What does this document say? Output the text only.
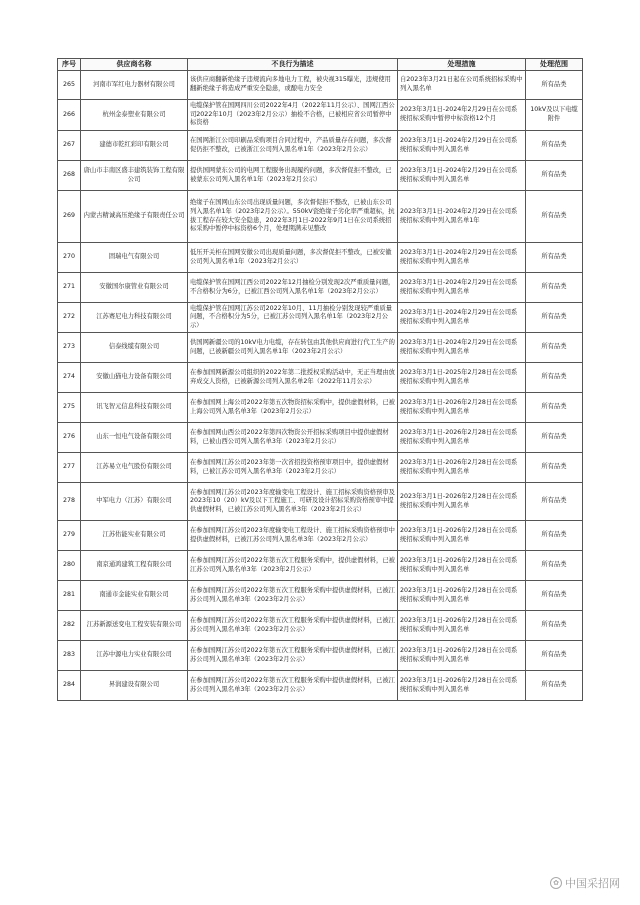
序号	供应商名称	不良行为描述	处理措施	处理范围
265	河南市军红电力器材有限公司	该供应商翻新绝缘子违规流向多地电力工程，被央视315曝光，违规使用翻新绝缘子将造成严重安全隐患，或酿电力安全	自2023年3月21日起在公司系统招标采购中列入黑名单	所有品类
266	杭州金泰塑业有限公司	电缆保护管在国网四川公司2022年4月（2022年11月公示）、国网江西公司2022年10月（2023年2月公示）抽检不合格，已被相应省公司暂停中标资格	2023年3月1日-2024年2月29日在公司系统招标采购中暂停中标资格12个月	10kV及以下电缆附件
267	建德市乾红彩印有限公司	在国网浙江公司印刷品采购项目合同过程中，产品质量存在问题，多次督促仍拒不整改，已被浙江公司列入黑名单1年（2023年2月公示）	2023年3月1日-2024年2月29日在公司系统招标采购中列入黑名单	所有品类
268	唐山市丰南区盛丰建筑装饰工程有限公司	提供国网蒙东公司的电网工程服务出现履约问题，多次督促拒不整改，已被蒙东公司列入黑名单1年（2023年2月公示）	2023年3月1日-2024年2月29日在公司系统招标采购中列入黑名单	所有品类
269	内蒙古精诚高压绝缘子有限责任公司	绝缘子在国网山东公司出现质量问题，多次督促拒不整改，已被山东公司列入黑名单1年（2023年2月公示）。550kV瓷绝缘子劣化率严重超标，抗拔工程存在较大安全隐患，2022年3月1日-2022年9月1日在公司系统招标采购中暂停中标资格6个月，处理期满未见整改	2023年3月1日-2024年2月29日在公司系统招标采购中列入黑名单1年	所有品类
270	固瑞电气有限公司	低压开关柜在国网安徽公司出现质量问题，多次督促拒不整改，已被安徽公司列入黑名单1年（2023年2月公示）	2023年3月1日-2024年2月29日在公司系统招标采购中列入黑名单	所有品类
271	安徽国尔康管业有限公司	电缆保护管在国网江西公司2022年12月抽检分别发现2次严重质量问题，不合格积分为6分，已被江西公司列入黑名单1年（2023年2月公示）	2023年3月1日-2024年2月29日在公司系统招标采购中列入黑名单	所有品类
272	江苏赛尼电力科技有限公司	电缆保护管在国网江苏公司2022年10月、11月抽检分别发现较严重质量问题，不合格积分为5分，已被江苏公司列入黑名单1年（2023年2月公示）	2023年3月1日-2024年2月29日在公司系统招标采购中列入黑名单	所有品类
273	信泰线缆有限公司	供国网新疆公司的10kV电力电缆，存在转包由其他供应商进行代工生产的问题，已被新疆公司列入黑名单1年（2023年2月公示）	2023年3月1日-2024年2月29日在公司系统招标采购中列入黑名单	所有品类
274	安徽山猫电力设备有限公司	在参加国网新源公司组织的2022年第二批授权采购活动中，无正当理由放弃成交人资格，已被新源公司列入黑名单2年（2022年11月公示）	2023年3月1日-2025年2月28日在公司系统招标采购中列入黑名单	所有品类
275	讯飞智元信息科技有限公司	在参加国网上海公司2022年第五次物资招标采购中，提供虚假材料，已被上海公司列入黑名单3年（2023年2月公示）	2023年3月1日-2026年2月28日在公司系统招标采购中列入黑名单	所有品类
276	山东一恒电气设备有限公司	在参加国网山西公司2022年第四次物资公开招标采购项目中提供虚假材料，已被山西公司列入黑名单3年（2023年2月公示）	2023年3月1日-2026年2月28日在公司系统招标采购中列入黑名单	所有品类
277	江苏易立电气股份有限公司	在参加国网江苏公司2023年第一次省招投资格预审项目中，提供虚假材料，已被江苏公司列入黑名单3年（2023年2月公示）	2023年3月1日-2026年2月28日在公司系统招标采购中列入黑名单	所有品类
278	中军电力（江苏）有限公司	在参加国网江苏公司2023年度输变电工程设计、施工招标采购资格预审及2023年10（20）kV及以下工程施工、可研及设计招标采购资格预审中提供虚假材料，已被江苏公司列入黑名单3年（2023年2月公示）	2023年3月1日-2026年2月28日在公司系统招标采购中列入黑名单	所有品类
279	江苏佑能实业有限公司	在参加国网江苏公司2023年度输变电工程设计、施工招标采购资格预审中提供虚假材料，已被江苏公司列入黑名单3年（2023年2月公示）	2023年3月1日-2026年2月28日在公司系统招标采购中列入黑名单	所有品类
280	南京通鸿建筑工程有限公司	在参加国网江苏公司2022年第五次工程服务采购中，提供虚假材料，已被江苏公司列入黑名单3年（2023年2月公示）	2023年3月1日-2026年2月28日在公司系统招标采购中列入黑名单	所有品类
281	南通市金能实业有限公司	在参加国网江苏公司2022年第五次工程服务采购中提供虚假材料，已被江苏公司列入黑名单3年（2023年2月公示）	2023年3月1日-2026年2月28日在公司系统招标采购中列入黑名单	所有品类
282	江苏新源送变电工程安装有限公司	在参加国网江苏公司2022年第五次工程服务采购中提供虚假材料，已被江苏公司列入黑名单3年（2023年2月公示）	2023年3月1日-2026年2月28日在公司系统招标采购中列入黑名单	所有品类
283	江苏中源电力实业有限公司	在参加国网江苏公司2022年第五次工程服务采购中提供虚假材料，已被江苏公司列入黑名单3年（2023年2月公示）	2023年3月1日-2026年2月28日在公司系统招标采购中列入黑名单	所有品类
284	昇润建设有限公司	在参加国网江苏公司2022年第五次工程服务采购中提供虚假材料，已被江苏公司列入黑名单3年（2023年2月公示）	2023年3月1日-2026年2月28日在公司系统招标采购中列入黑名单	所有品类
✿ 中国采招网
